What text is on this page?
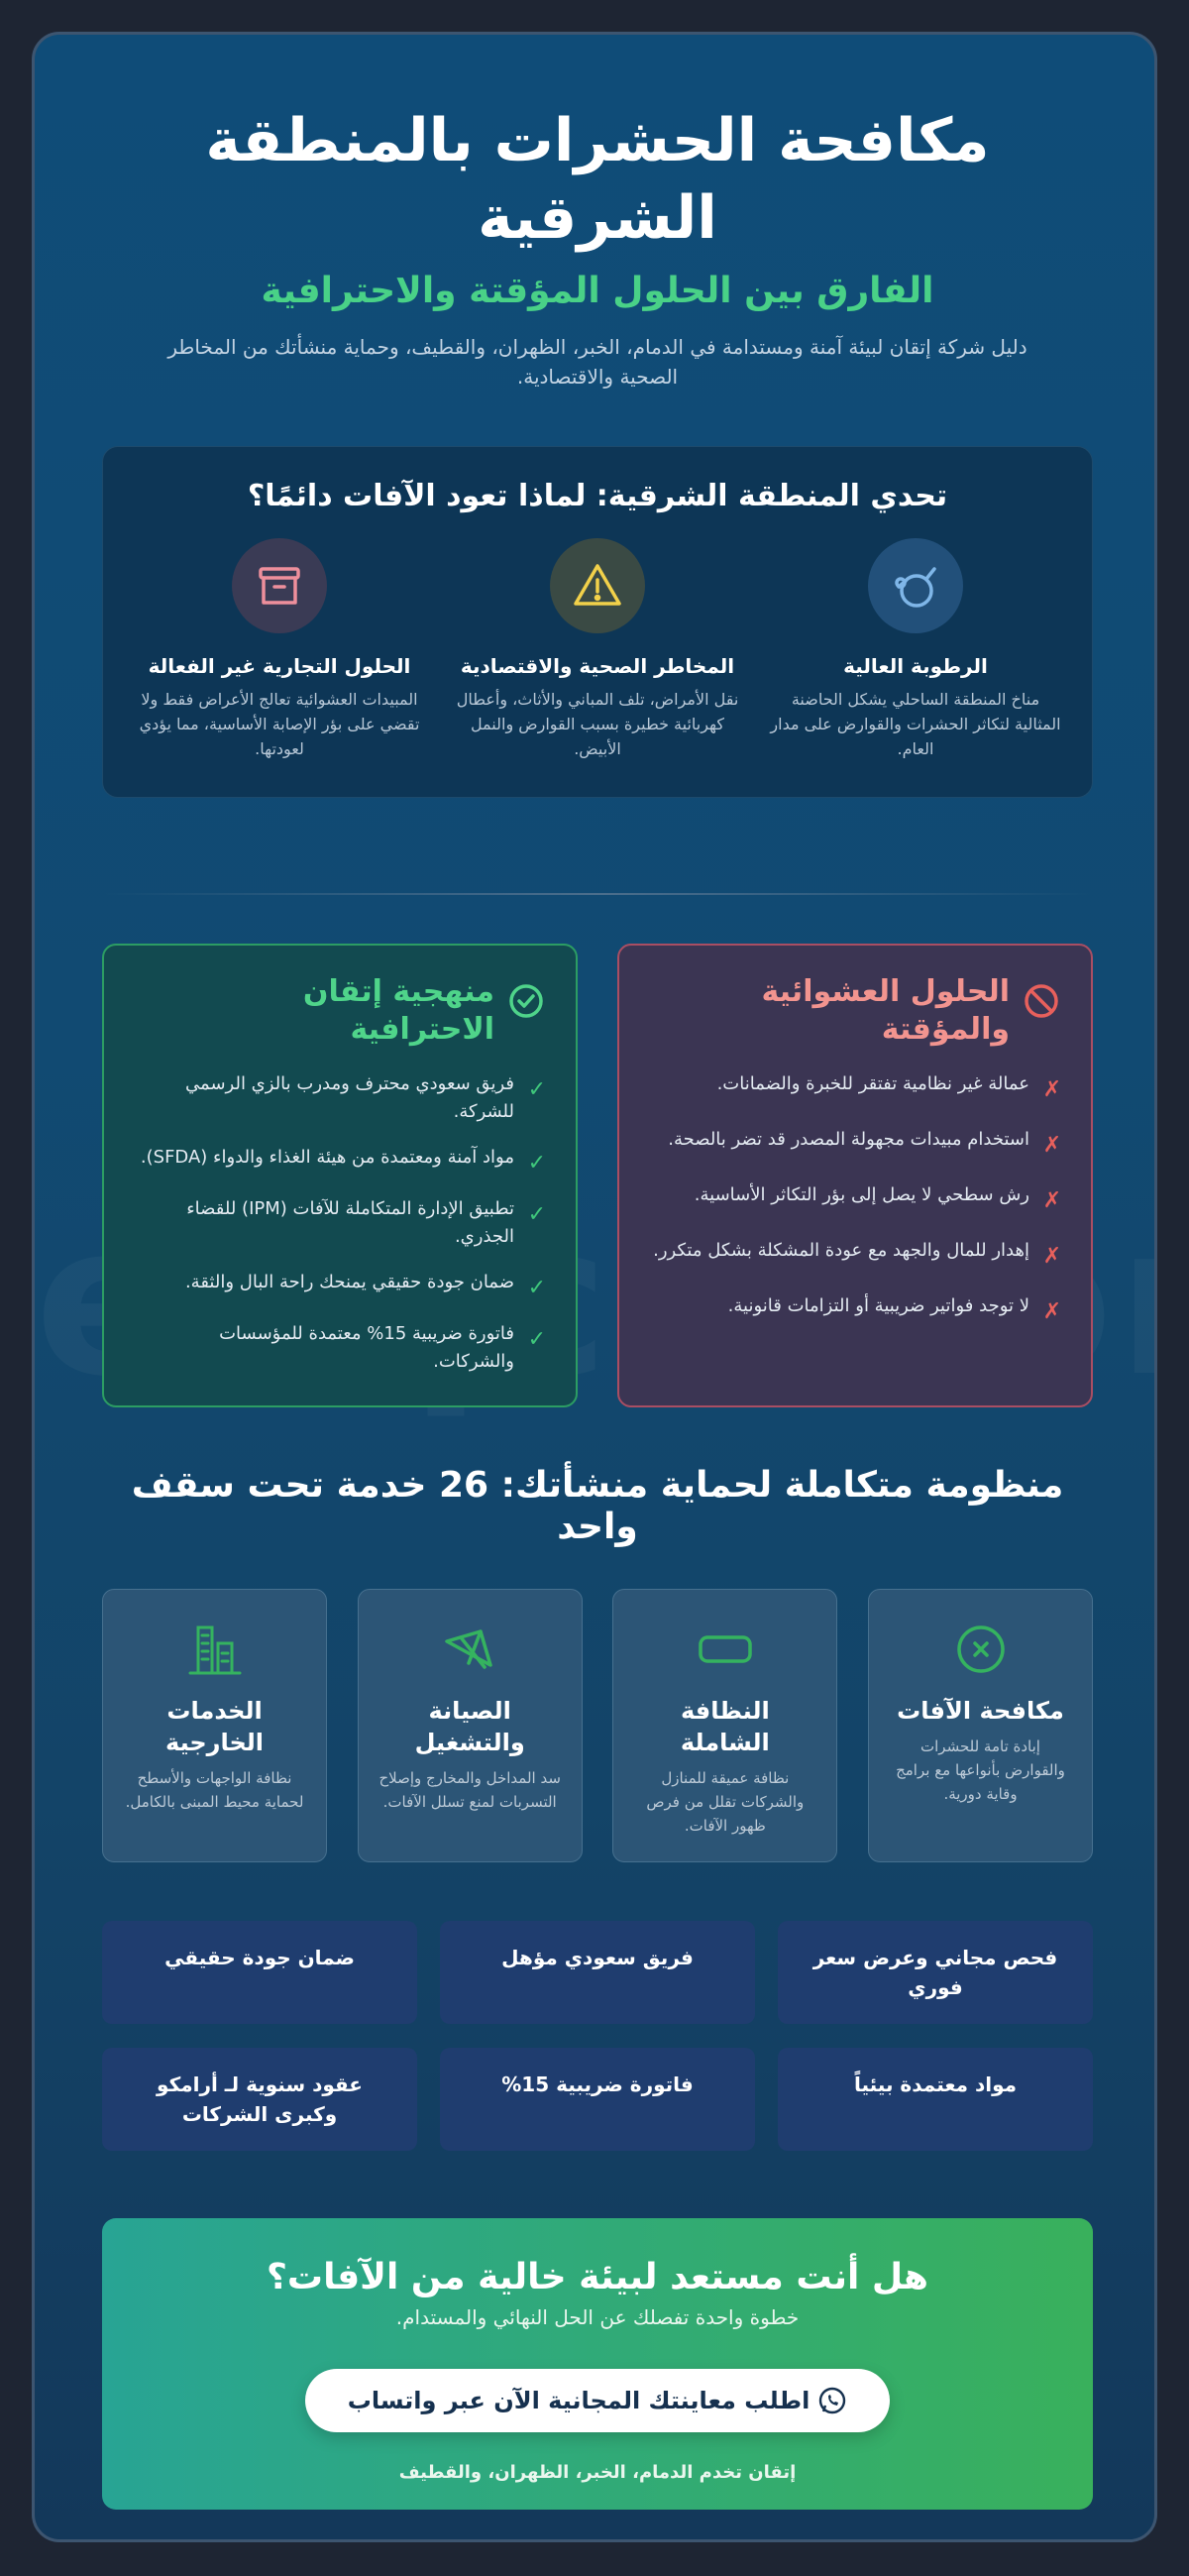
مكافحة الحشرات بالمنطقة الشرقية
الفارق بين الحلول المؤقتة والاحترافية

دليل شركة إتقان لبيئة آمنة ومستدامة في الدمام، الخبر، الظهران، والقطيف، وحماية منشأتك من المخاطر الصحية والاقتصادية.

تحدي المنطقة الشرقية: لماذا تعود الآفات دائمًا؟
الرطوبة العالية

مناخ المنطقة الساحلي يشكل الحاضنة المثالية لتكاثر الحشرات والقوارض على مدار العام.

المخاطر الصحية والاقتصادية

نقل الأمراض، تلف المباني والأثاث، وأعطال كهربائية خطيرة بسبب القوارض والنمل الأبيض.

الحلول التجارية غير الفعالة

المبيدات العشوائية تعالج الأعراض فقط ولا تقضي على بؤر الإصابة الأساسية، مما يؤدي لعودتها.

الحلول العشوائية والمؤقتة
✗
عمالة غير نظامية تفتقر للخبرة والضمانات.
✗
استخدام مبيدات مجهولة المصدر قد تضر بالصحة.
✗
رش سطحي لا يصل إلى بؤر التكاثر الأساسية.
✗
إهدار للمال والجهد مع عودة المشكلة بشكل متكرر.
✗
لا توجد فواتير ضريبية أو التزامات قانونية.
منهجية إتقان الاحترافية
✓
فريق سعودي محترف ومدرب بالزي الرسمي للشركة.
✓
مواد آمنة ومعتمدة من هيئة الغذاء والدواء (SFDA).
✓
تطبيق الإدارة المتكاملة للآفات (IPM) للقضاء الجذري.
✓
ضمان جودة حقيقي يمنحك راحة البال والثقة.
✓
فاتورة ضريبية 15% معتمدة للمؤسسات والشركات.
منظومة متكاملة لحماية منشأتك: 26 خدمة تحت سقف واحد
مكافحة الآفات

إبادة تامة للحشرات والقوارض بأنواعها مع برامج وقاية دورية.

النظافة الشاملة

نظافة عميقة للمنازل والشركات تقلل من فرص ظهور الآفات.

الصيانة والتشغيل

سد المداخل والمخارج وإصلاح التسربات لمنع تسلل الآفات.

الخدمات الخارجية

نظافة الواجهات والأسطح لحماية محيط المبنى بالكامل.

فحص مجاني وعرض سعر فوري
فريق سعودي مؤهل
ضمان جودة حقيقي
مواد معتمدة بيئياً
فاتورة ضريبية 15%
عقود سنوية لـ أرامكو وكبرى الشركات
هل أنت مستعد لبيئة خالية من الآفات؟
خطوة واحدة تفصلك عن الحل النهائي والمستدام.
اطلب معاينتك المجانية الآن عبر واتساب
إتقان تخدم الدمام، الخبر، الظهران، والقطيف
